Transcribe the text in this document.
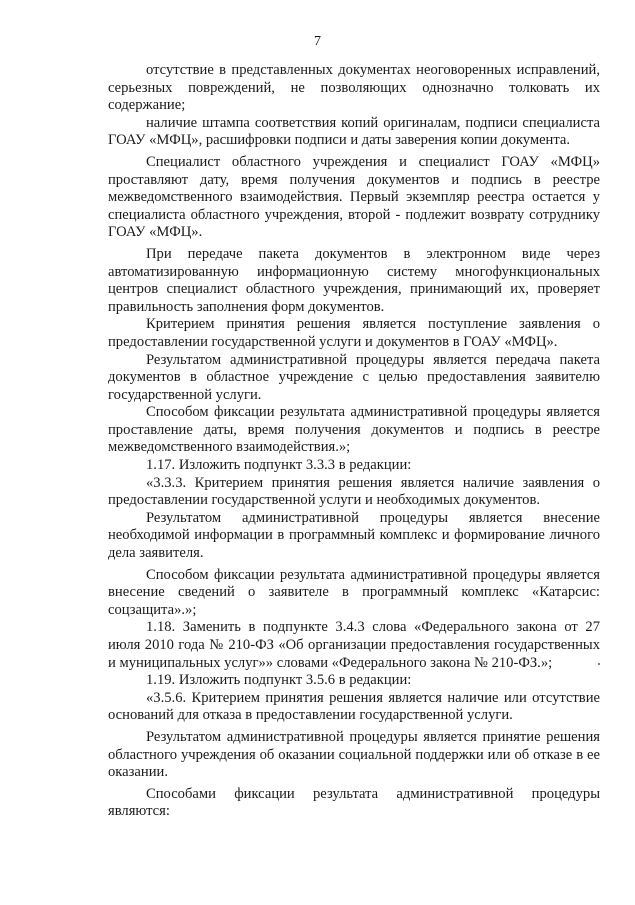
7

отсутствие в представленных документах неоговоренных исправлений, серьезных повреждений, не позволяющих однозначно толковать их содержание;

наличие штампа соответствия копий оригиналам, подписи специалиста ГОАУ «МФЦ», расшифровки подписи и даты заверения копии документа.

Специалист областного учреждения и специалист ГОАУ «МФЦ» проставляют дату, время получения документов и подпись в реестре межведомственного взаимодействия. Первый экземпляр реестра остается у специалиста областного учреждения, второй - подлежит возврату сотруднику ГОАУ «МФЦ».

При передаче пакета документов в электронном виде через автоматизированную информационную систему многофункциональных центров специалист областного учреждения, принимающий их, проверяет правильность заполнения форм документов.

Критерием принятия решения является поступление заявления о предоставлении государственной услуги и документов в ГОАУ «МФЦ».

Результатом административной процедуры является передача пакета документов в областное учреждение с целью предоставления заявителю государственной услуги.

Способом фиксации результата административной процедуры является проставление даты, время получения документов и подпись в реестре межведомственного взаимодействия.»;

1.17. Изложить подпункт 3.3.3 в редакции:

«3.3.3. Критерием принятия решения является наличие заявления о предоставлении государственной услуги и необходимых документов.

Результатом административной процедуры является внесение необходимой информации в программный комплекс и формирование личного дела заявителя.

Способом фиксации результата административной процедуры является внесение сведений о заявителе в программный комплекс «Катарсис: соцзащита».»;

1.18. Заменить в подпункте 3.4.3 слова «Федерального закона от 27 июля 2010 года № 210-ФЗ «Об организации предоставления государственных и муниципальных услуг»» словами «Федерального закона № 210-ФЗ.»;

1.19. Изложить подпункт 3.5.6 в редакции:

«3.5.6. Критерием принятия решения является наличие или отсутствие оснований для отказа в предоставлении государственной услуги.

Результатом административной процедуры является принятие решения областного учреждения об оказании социальной поддержки или об отказе в ее оказании.

Способами фиксации результата административной процедуры являются:
